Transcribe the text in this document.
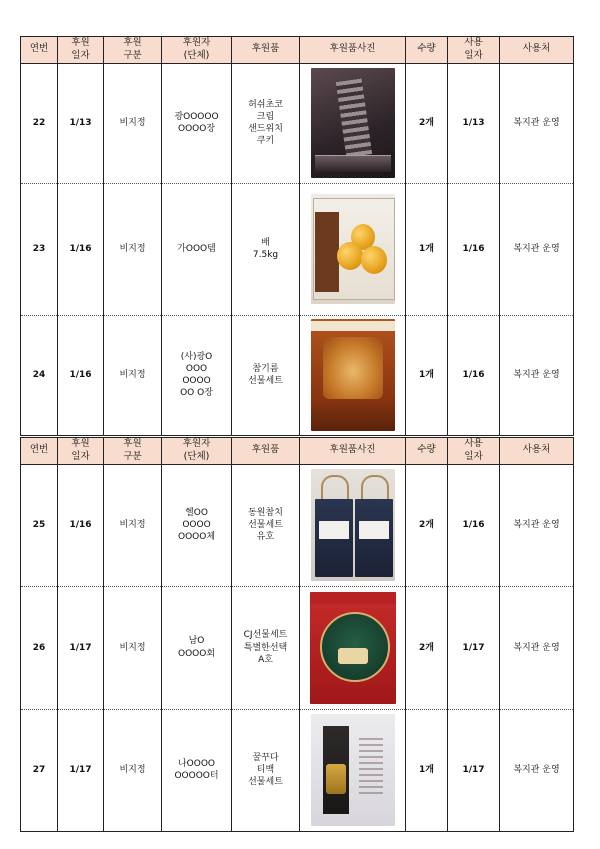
연번	후원
일자	후원
구분	후원자
(단체)	후원품	후원품사진	수량	사용
일자	사용처
22	1/13	비지정	광OOOOO
OOOO장	허쉬초코
크림
샌드위치
쿠키		2개	1/13	복지관 운영
23	1/16	비지정	가OOO템	배
7.5kg		1개	1/16	복지관 운영
24	1/16	비지정	(사)광O
OOO
OOOO
OO O장	참기름
선물세트		1개	1/16	복지관 운영
연번	후원
일자	후원
구분	후원자
(단체)	후원품	후원품사진	수량	사용
일자	사용처
25	1/16	비지정	헬OO
OOOO
OOOO체	동원참치
선물세트
유호		2개	1/16	복지관 운영
26	1/17	비지정	남O
OOOO회	CJ선물세트
특별한선택
A호		2개	1/17	복지관 운영
27	1/17	비지정	나OOOO
OOOOO터	꿀꾸다
티백
선물세트		1개	1/17	복지관 운영
